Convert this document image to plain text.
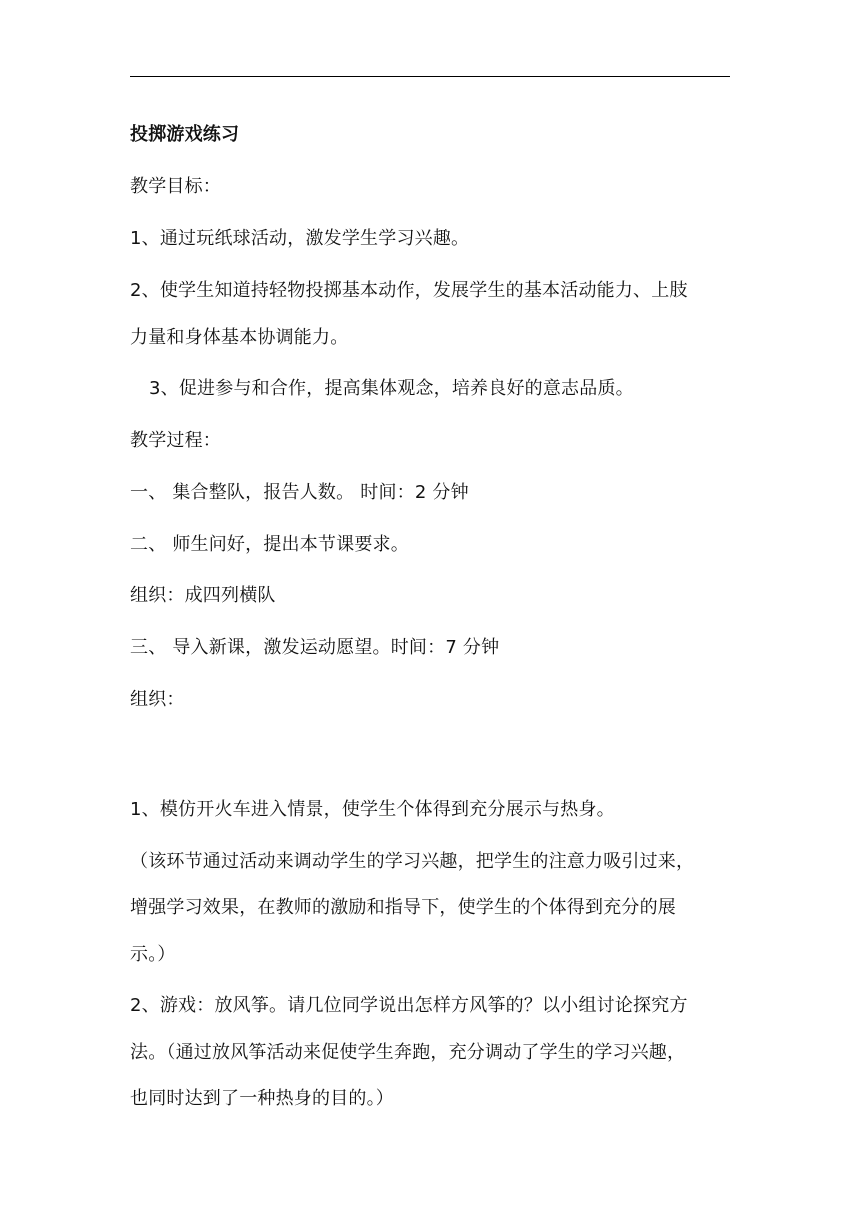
投掷游戏练习
教学目标：
1、通过玩纸球活动，激发学生学习兴趣。
2、使学生知道持轻物投掷基本动作，发展学生的基本活动能力、上肢
力量和身体基本协调能力。
3、促进参与和合作，提高集体观念，培养良好的意志品质。
教学过程：
一、 集合整队，报告人数。 时间：2 分钟
二、 师生问好，提出本节课要求。
组织：成四列横队
三、 导入新课，激发运动愿望。时间：7 分钟
组织：
1、模仿开火车进入情景，使学生个体得到充分展示与热身。
（该环节通过活动来调动学生的学习兴趣，把学生的注意力吸引过来，
增强学习效果，在教师的激励和指导下，使学生的个体得到充分的展
示。）
2、游戏：放风筝。请几位同学说出怎样方风筝的？以小组讨论探究方
法。（通过放风筝活动来促使学生奔跑，充分调动了学生的学习兴趣，
也同时达到了一种热身的目的。）
